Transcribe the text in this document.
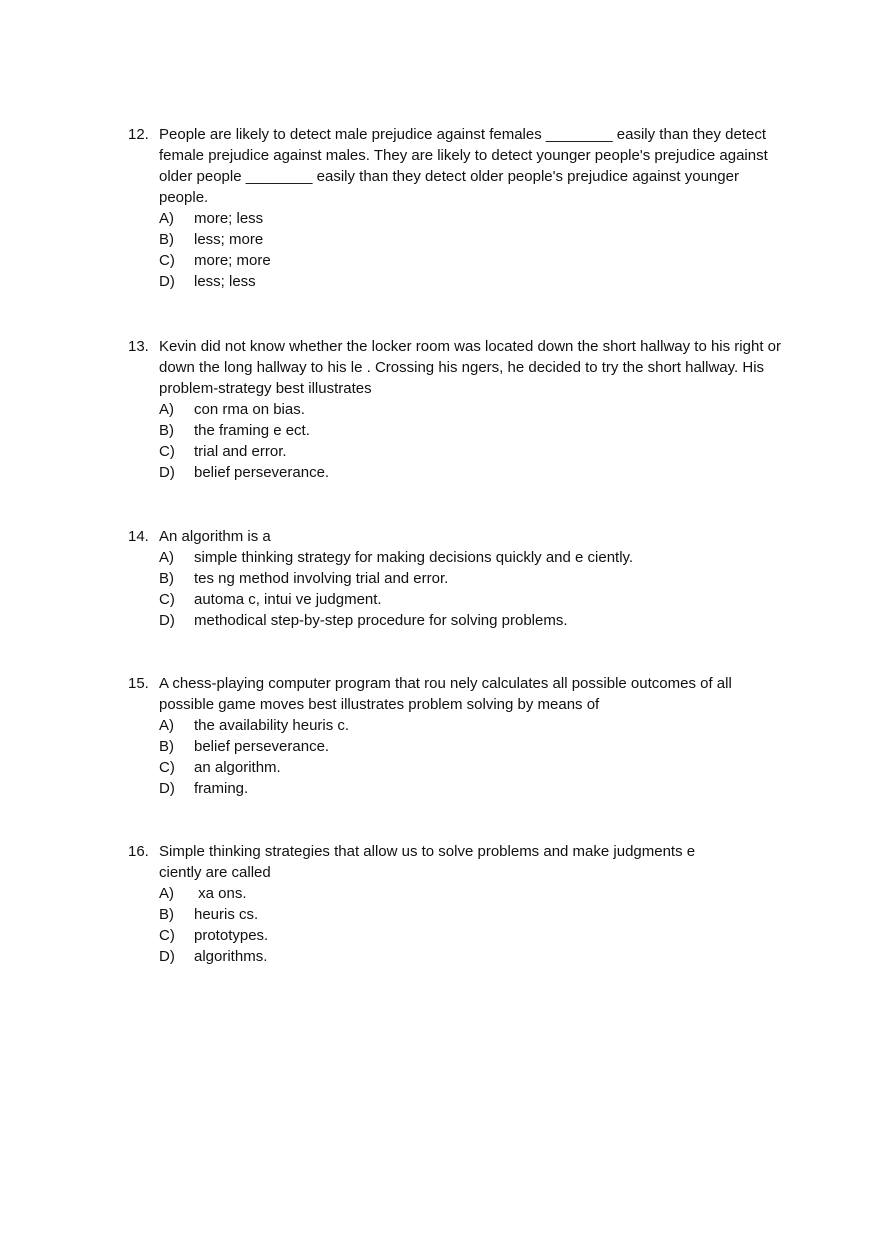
12. People are likely to detect male prejudice against females ________ easily than they detect female prejudice against males. They are likely to detect younger people's prejudice against older people ________ easily than they detect older people's prejudice against younger people.
A) more; less
B) less; more
C) more; more
D) less; less
13. Kevin did not know whether the locker room was located down the short hallway to his right or down the long hallway to his le . Crossing his ngers, he decided to try the short hallway. His problem-strategy best illustrates
A) con rma on bias.
B) the framing e ect.
C) trial and error.
D) belief perseverance.
14. An algorithm is a
A) simple thinking strategy for making decisions quickly and e ciently.
B) tes ng method involving trial and error.
C) automa c, intui ve judgment.
D) methodical step-by-step procedure for solving problems.
15. A chess-playing computer program that rou nely calculates all possible outcomes of all possible game moves best illustrates problem solving by means of
A) the availability heuris c.
B) belief perseverance.
C) an algorithm.
D) framing.
16. Simple thinking strategies that allow us to solve problems and make judgments e ciently are called
A) xa ons.
B) heuris cs.
C) prototypes.
D) algorithms.
